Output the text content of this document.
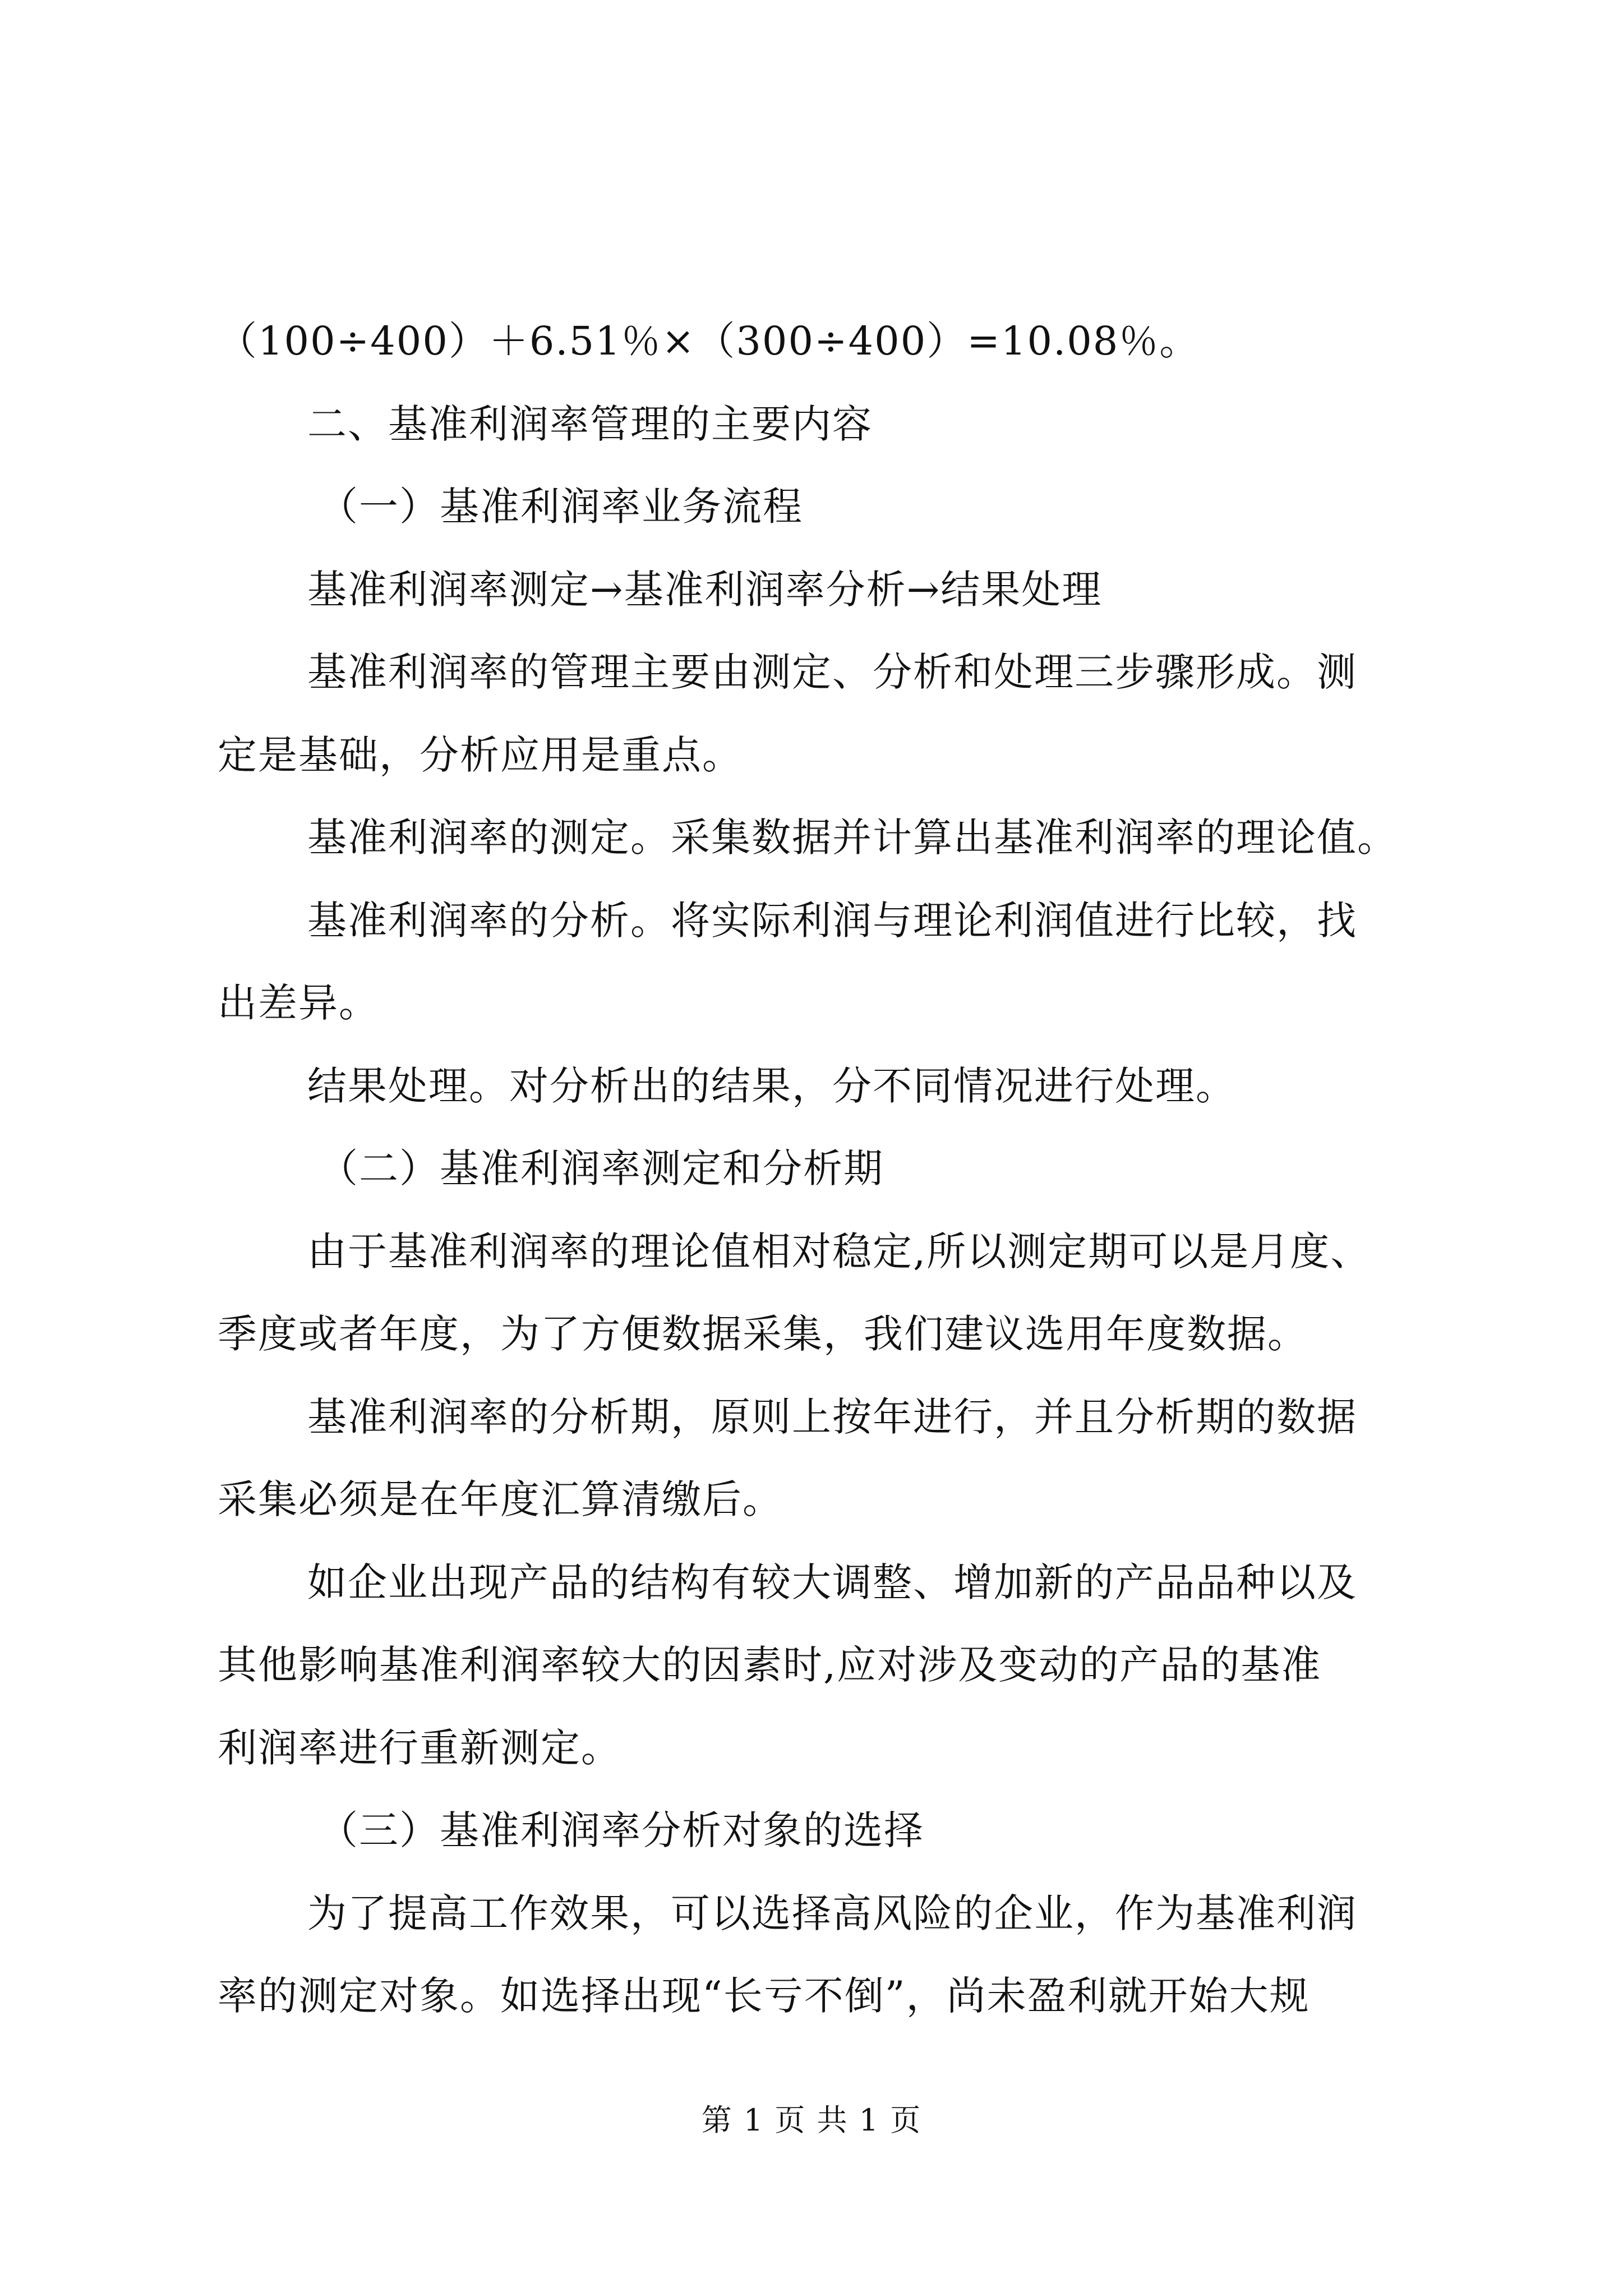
（100÷400）＋6.51％×（300÷400）=10.08％。

二、基准利润率管理的主要内容

（一）基准利润率业务流程

基准利润率测定→基准利润率分析→结果处理

基准利润率的管理主要由测定、分析和处理三步骤形成。测

定是基础，分析应用是重点。

基准利润率的测定。采集数据并计算出基准利润率的理论值。

基准利润率的分析。将实际利润与理论利润值进行比较，找

出差异。

结果处理。对分析出的结果，分不同情况进行处理。

（二）基准利润率测定和分析期

由于基准利润率的理论值相对稳定,所以测定期可以是月度、

季度或者年度，为了方便数据采集，我们建议选用年度数据。

基准利润率的分析期，原则上按年进行，并且分析期的数据

采集必须是在年度汇算清缴后。

如企业出现产品的结构有较大调整、增加新的产品品种以及

其他影响基准利润率较大的因素时,应对涉及变动的产品的基准

利润率进行重新测定。

（三）基准利润率分析对象的选择

为了提高工作效果，可以选择高风险的企业，作为基准利润

率的测定对象。如选择出现“长亏不倒”，尚未盈利就开始大规

第 1 页 共 1 页
